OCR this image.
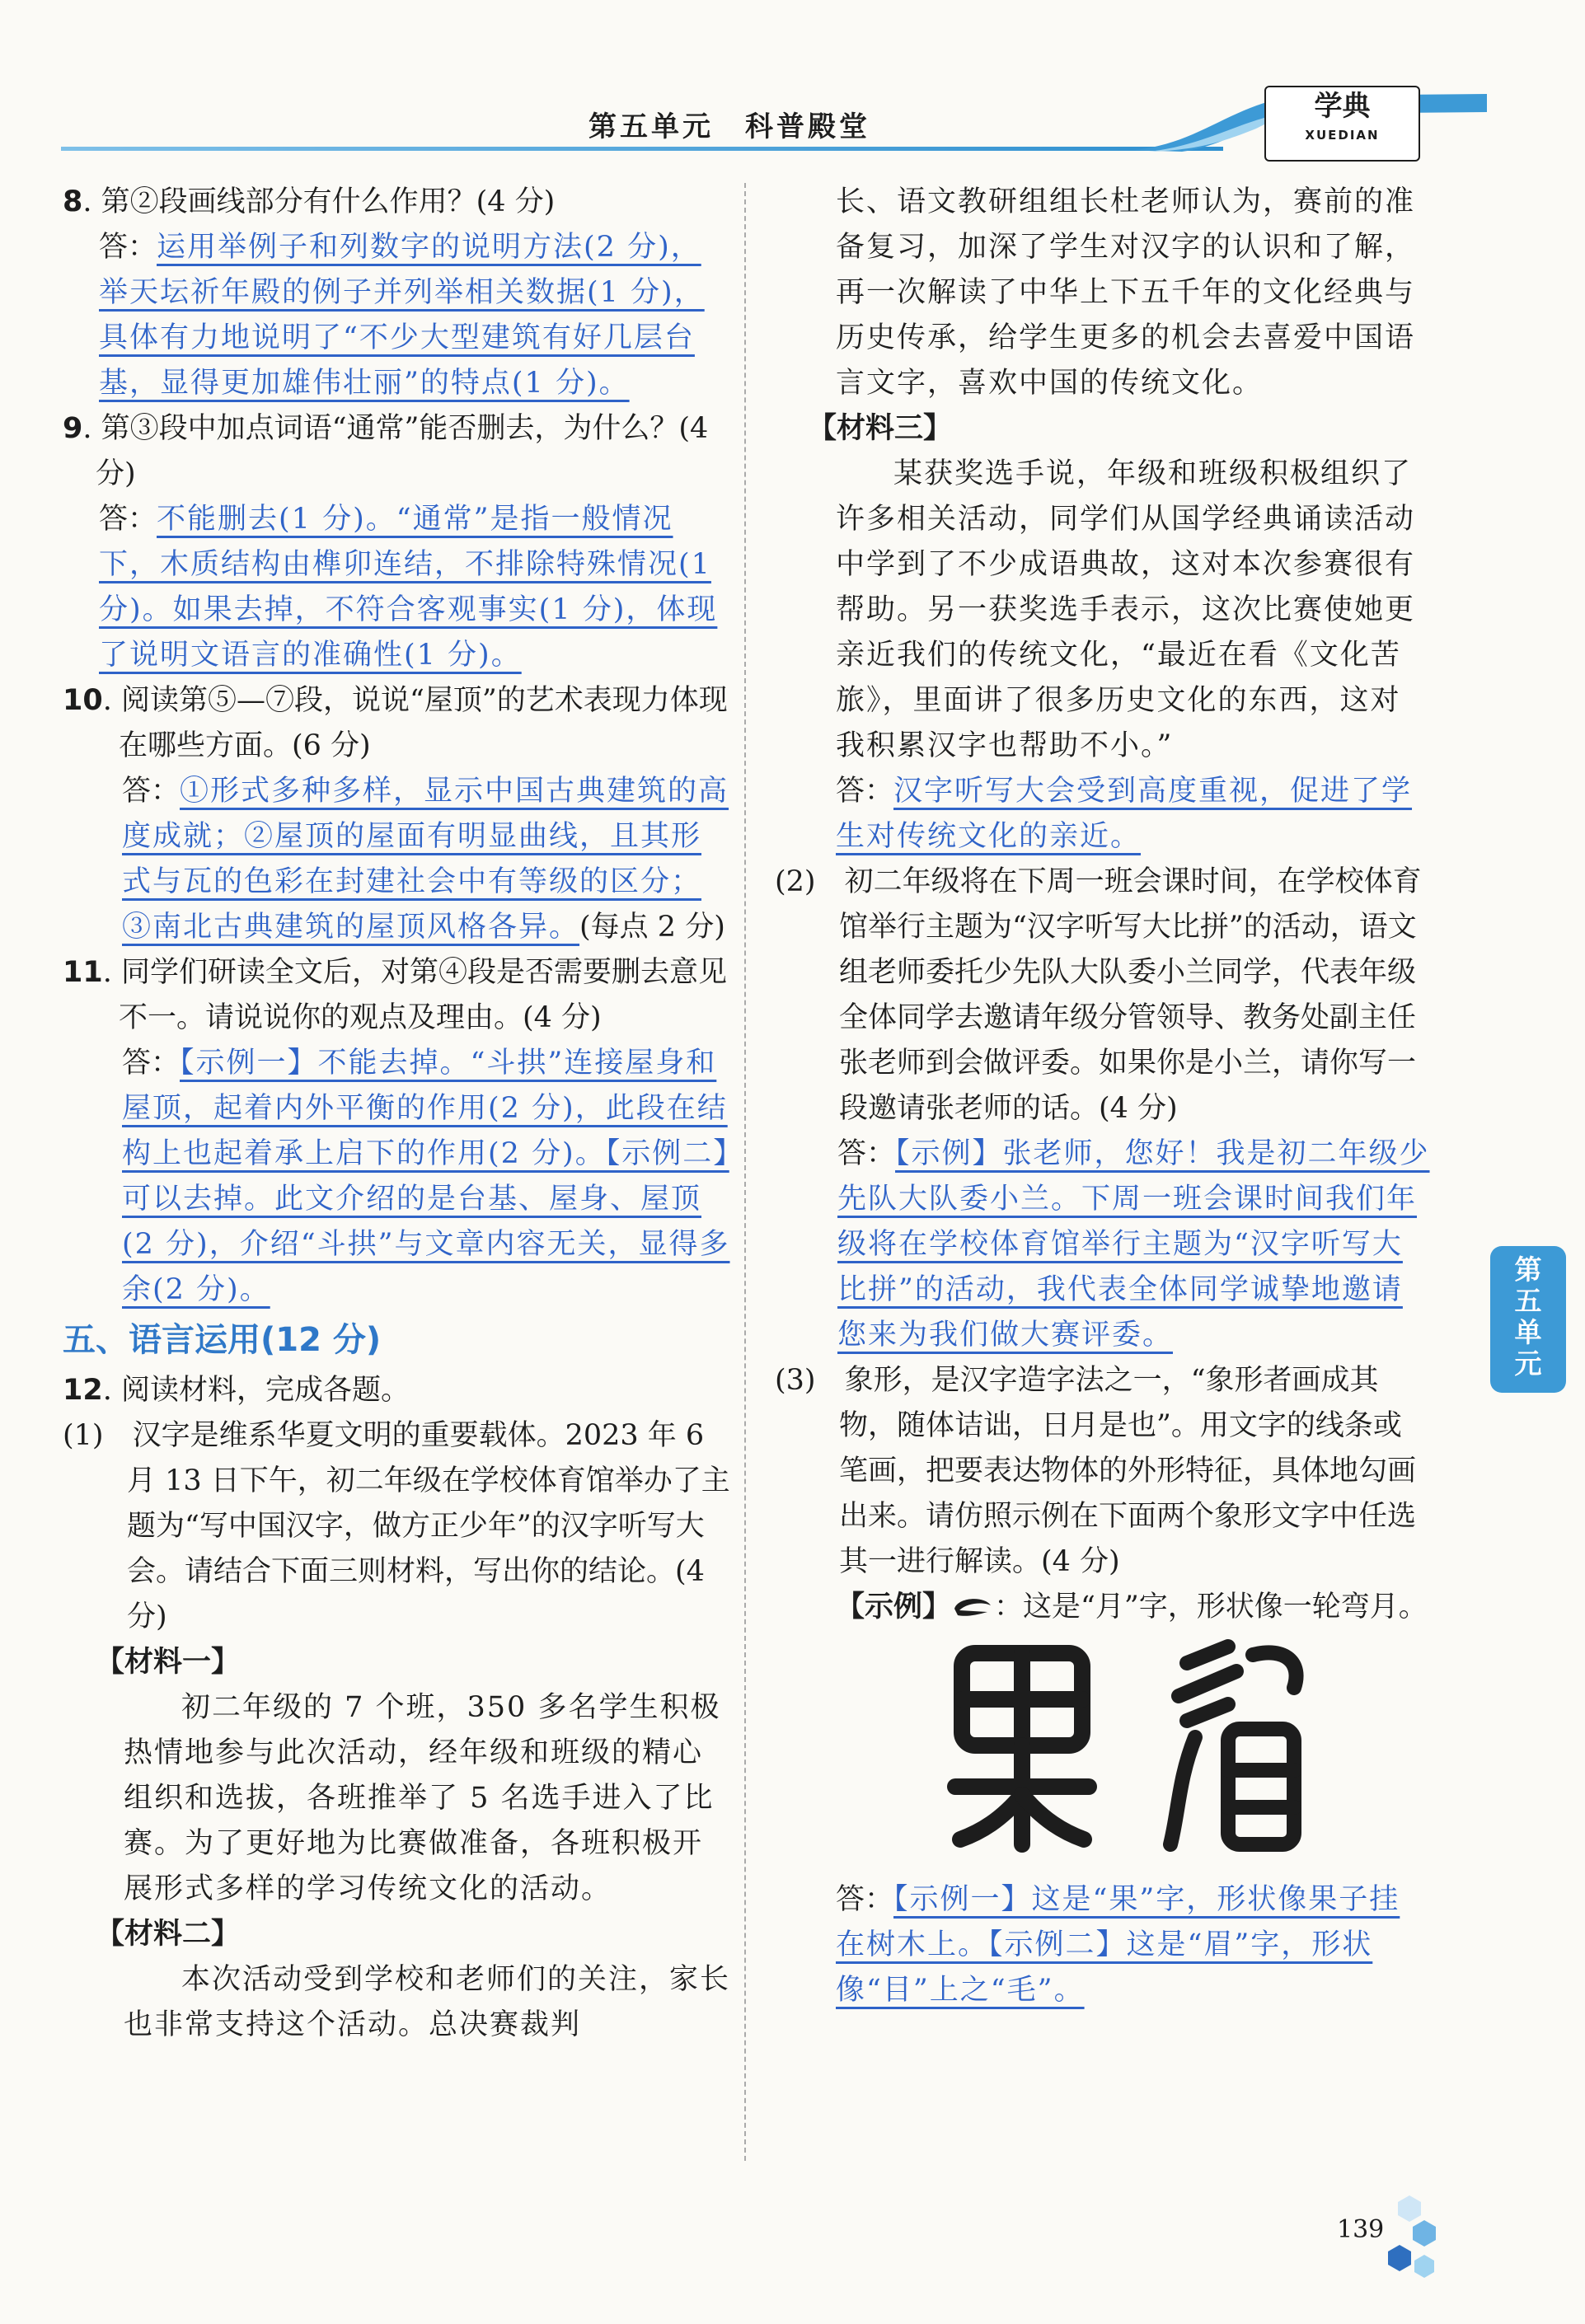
第五单元　科普殿堂
学典
XUEDIAN

8. 第②段画线部分有什么作用？(4 分)

答：运用举例子和列数字的说明方法(2 分)，举天坛祈年殿的例子并列举相关数据(1 分)，具体有力地说明了“不少大型建筑有好几层台基，显得更加雄伟壮丽”的特点(1 分)。

9. 第③段中加点词语“通常”能否删去，为什么？(4 分)

答：不能删去(1 分)。“通常”是指一般情况下，木质结构由榫卯连结，不排除特殊情况(1 分)。如果去掉，不符合客观事实(1 分)，体现了说明文语言的准确性(1 分)。

10. 阅读第⑤—⑦段，说说“屋顶”的艺术表现力体现在哪些方面。(6 分)

答：①形式多种多样，显示中国古典建筑的高度成就；②屋顶的屋面有明显曲线，且其形式与瓦的色彩在封建社会中有等级的区分；③南北古典建筑的屋顶风格各异。(每点 2 分)

11. 同学们研读全文后，对第④段是否需要删去意见不一。请说说你的观点及理由。(4 分)

答：【示例一】不能去掉。“斗拱”连接屋身和屋顶，起着内外平衡的作用(2 分)，此段在结构上也起着承上启下的作用(2 分)。【示例二】可以去掉。此文介绍的是台基、屋身、屋顶(2 分)，介绍“斗拱”与文章内容无关，显得多余(2 分)。

五、语言运用(12 分)

12. 阅读材料，完成各题。

(1)　 汉字是维系华夏文明的重要载体。2023 年 6 月 13 日下午，初二年级在学校体育馆举办了主题为“写中国汉字，做方正少年”的汉字听写大会。请结合下面三则材料，写出你的结论。(4 分)

【材料一】

初二年级的 7 个班，350 多名学生积极热情地参与此次活动，经年级和班级的精心组织和选拔，各班推举了 5 名选手进入了比赛。为了更好地为比赛做准备，各班积极开展形式多样的学习传统文化的活动。

【材料二】

本次活动受到学校和老师们的关注，家长也非常支持这个活动。总决赛裁判

长、语文教研组组长杜老师认为，赛前的准备复习，加深了学生对汉字的认识和了解，再一次解读了中华上下五千年的文化经典与历史传承，给学生更多的机会去喜爱中国语言文字，喜欢中国的传统文化。

【材料三】

某获奖选手说，年级和班级积极组织了许多相关活动，同学们从国学经典诵读活动中学到了不少成语典故，这对本次参赛很有帮助。另一获奖选手表示，这次比赛使她更亲近我们的传统文化，“最近在看《文化苦旅》，里面讲了很多历史文化的东西，这对我积累汉字也帮助不小。”

答：汉字听写大会受到高度重视，促进了学生对传统文化的亲近。

(2)　 初二年级将在下周一班会课时间，在学校体育馆举行主题为“汉字听写大比拼”的活动，语文组老师委托少先队大队委小兰同学，代表年级全体同学去邀请年级分管领导、教务处副主任张老师到会做评委。如果你是小兰，请你写一段邀请张老师的话。(4 分)

答：【示例】张老师，您好！我是初二年级少先队大队委小兰。下周一班会课时间我们年级将在学校体育馆举行主题为“汉字听写大比拼”的活动，我代表全体同学诚挚地邀请您来为我们做大赛评委。

(3)　 象形，是汉字造字法之一，“象形者画成其物，随体诘诎，日月是也”。用文字的线条或笔画，把要表达物体的外形特征，具体地勾画出来。请仿照示例在下面两个象形文字中任选其一进行解读。(4 分)

【示例】 ：这是“月”字，形状像一轮弯月。

答：【示例一】这是“果”字，形状像果子挂在树木上。【示例二】这是“眉”字，形状像“目”上之“毛”。

第
五
单
元
139
